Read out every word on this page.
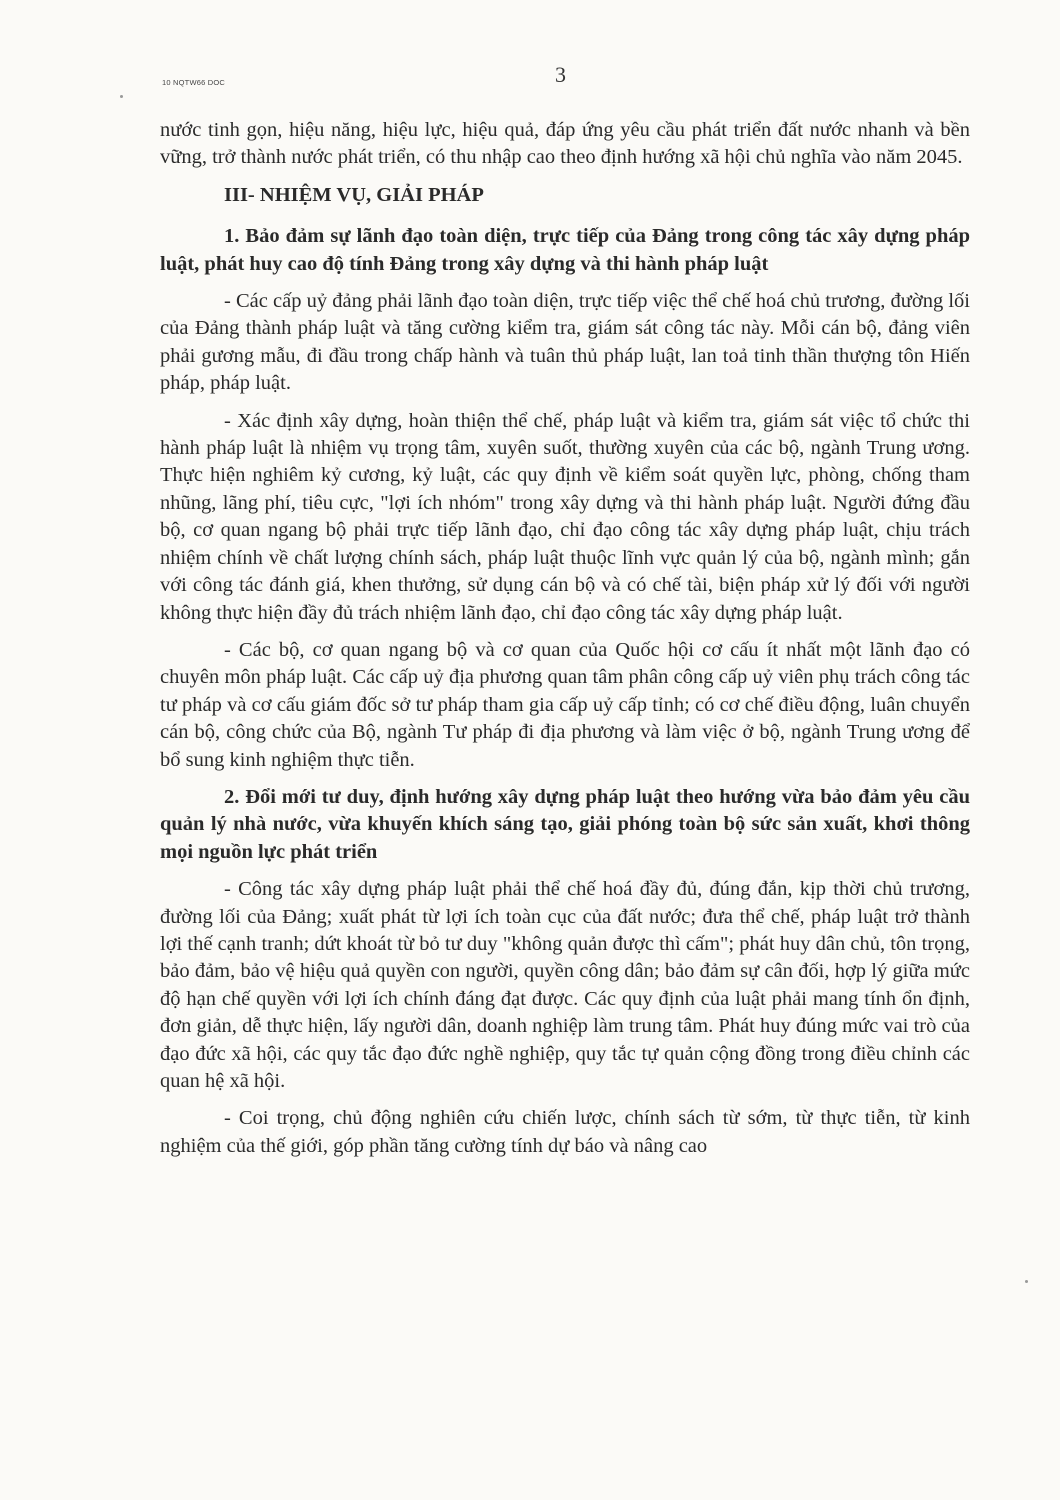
10 NQTW66 DOC	3

nước tinh gọn, hiệu năng, hiệu lực, hiệu quả, đáp ứng yêu cầu phát triển đất nước nhanh và bền vững, trở thành nước phát triển, có thu nhập cao theo định hướng xã hội chủ nghĩa vào năm 2045.

III- NHIỆM VỤ, GIẢI PHÁP

1. Bảo đảm sự lãnh đạo toàn diện, trực tiếp của Đảng trong công tác xây dựng pháp luật, phát huy cao độ tính Đảng trong xây dựng và thi hành pháp luật

- Các cấp uỷ đảng phải lãnh đạo toàn diện, trực tiếp việc thể chế hoá chủ trương, đường lối của Đảng thành pháp luật và tăng cường kiểm tra, giám sát công tác này. Mỗi cán bộ, đảng viên phải gương mẫu, đi đầu trong chấp hành và tuân thủ pháp luật, lan toả tinh thần thượng tôn Hiến pháp, pháp luật.

- Xác định xây dựng, hoàn thiện thể chế, pháp luật và kiểm tra, giám sát việc tổ chức thi hành pháp luật là nhiệm vụ trọng tâm, xuyên suốt, thường xuyên của các bộ, ngành Trung ương. Thực hiện nghiêm kỷ cương, kỷ luật, các quy định về kiểm soát quyền lực, phòng, chống tham nhũng, lãng phí, tiêu cực, "lợi ích nhóm" trong xây dựng và thi hành pháp luật. Người đứng đầu bộ, cơ quan ngang bộ phải trực tiếp lãnh đạo, chỉ đạo công tác xây dựng pháp luật, chịu trách nhiệm chính về chất lượng chính sách, pháp luật thuộc lĩnh vực quản lý của bộ, ngành mình; gắn với công tác đánh giá, khen thưởng, sử dụng cán bộ và có chế tài, biện pháp xử lý đối với người không thực hiện đầy đủ trách nhiệm lãnh đạo, chỉ đạo công tác xây dựng pháp luật.

- Các bộ, cơ quan ngang bộ và cơ quan của Quốc hội cơ cấu ít nhất một lãnh đạo có chuyên môn pháp luật. Các cấp uỷ địa phương quan tâm phân công cấp uỷ viên phụ trách công tác tư pháp và cơ cấu giám đốc sở tư pháp tham gia cấp uỷ cấp tỉnh; có cơ chế điều động, luân chuyển cán bộ, công chức của Bộ, ngành Tư pháp đi địa phương và làm việc ở bộ, ngành Trung ương để bổ sung kinh nghiệm thực tiễn.

2. Đổi mới tư duy, định hướng xây dựng pháp luật theo hướng vừa bảo đảm yêu cầu quản lý nhà nước, vừa khuyến khích sáng tạo, giải phóng toàn bộ sức sản xuất, khơi thông mọi nguồn lực phát triển

- Công tác xây dựng pháp luật phải thể chế hoá đầy đủ, đúng đắn, kịp thời chủ trương, đường lối của Đảng; xuất phát từ lợi ích toàn cục của đất nước; đưa thể chế, pháp luật trở thành lợi thế cạnh tranh; dứt khoát từ bỏ tư duy "không quản được thì cấm"; phát huy dân chủ, tôn trọng, bảo đảm, bảo vệ hiệu quả quyền con người, quyền công dân; bảo đảm sự cân đối, hợp lý giữa mức độ hạn chế quyền với lợi ích chính đáng đạt được. Các quy định của luật phải mang tính ổn định, đơn giản, dễ thực hiện, lấy người dân, doanh nghiệp làm trung tâm. Phát huy đúng mức vai trò của đạo đức xã hội, các quy tắc đạo đức nghề nghiệp, quy tắc tự quản cộng đồng trong điều chỉnh các quan hệ xã hội.

- Coi trọng, chủ động nghiên cứu chiến lược, chính sách từ sớm, từ thực tiễn, từ kinh nghiệm của thế giới, góp phần tăng cường tính dự báo và nâng cao
